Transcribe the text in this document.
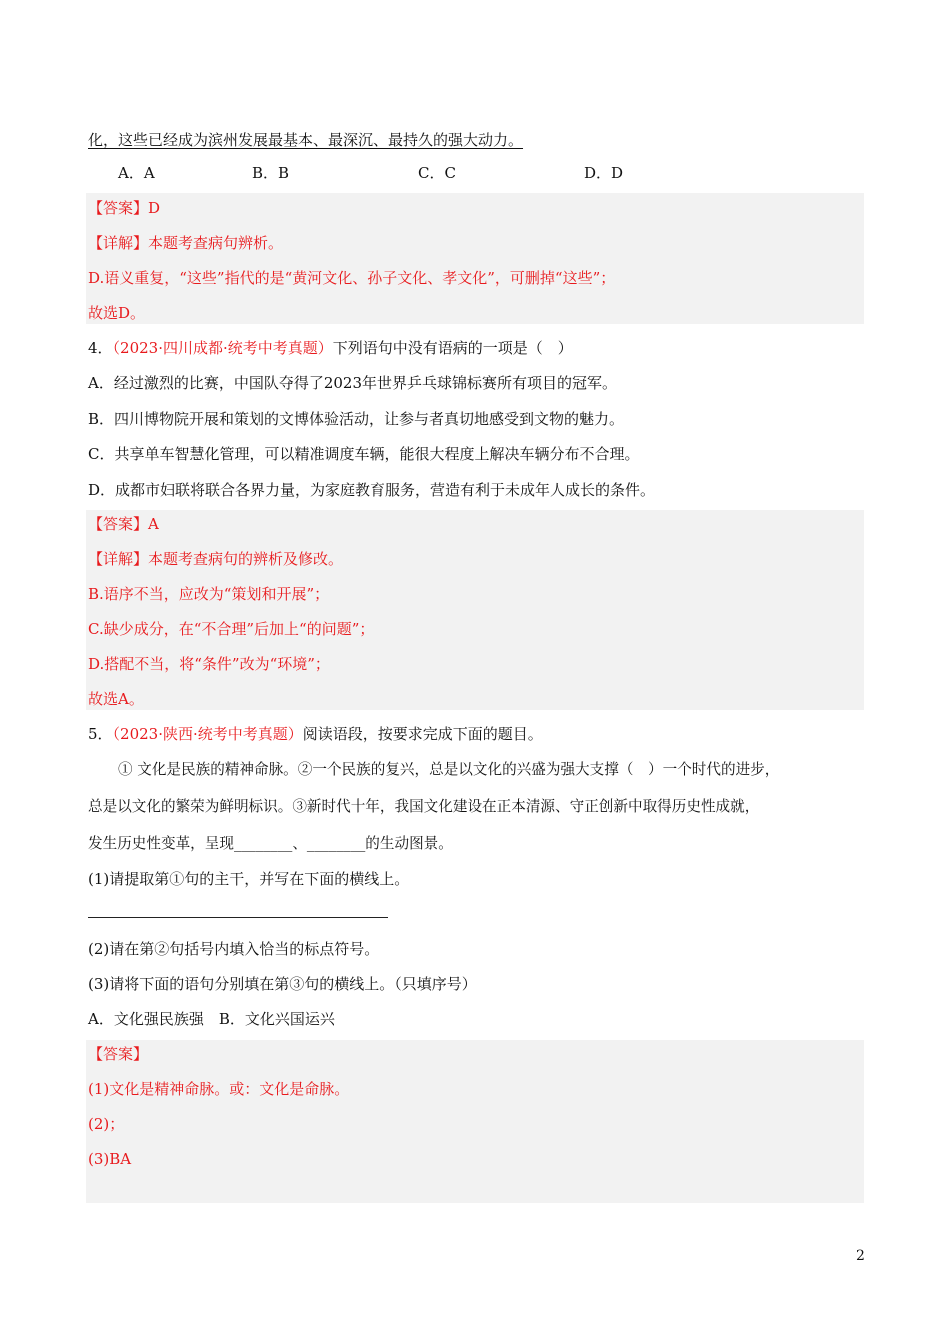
化，这些已经成为滨州发展最基本、最深沉、最持久的强大动力。
A．A	B．B	C．C	D．D
【答案】D
【详解】本题考查病句辨析。
D.语义重复，“这些”指代的是“黄河文化、孙子文化、孝文化”，可删掉“这些”；
故选D。
4．（2023·四川成都·统考中考真题）下列语句中没有语病的一项是（　）
A．经过激烈的比赛，中国队夺得了2023年世界乒乓球锦标赛所有项目的冠军。
B．四川博物院开展和策划的文博体验活动，让参与者真切地感受到文物的魅力。
C．共享单车智慧化管理，可以精准调度车辆，能很大程度上解决车辆分布不合理。
D．成都市妇联将联合各界力量，为家庭教育服务，营造有利于未成年人成长的条件。
【答案】A
【详解】本题考查病句的辨析及修改。
B.语序不当，应改为“策划和开展”；
C.缺少成分，在“不合理”后加上“的问题”；
D.搭配不当，将“条件”改为“环境”；
故选A。
5．（2023·陕西·统考中考真题）阅读语段，按要求完成下面的题目。
① 文化是民族的精神命脉。②一个民族的复兴，总是以文化的兴盛为强大支撑（　）一个时代的进步，
总是以文化的繁荣为鲜明标识。③新时代十年，我国文化建设在正本清源、守正创新中取得历史性成就，
发生历史性变革，呈现________、________的生动图景。
(1)请提取第①句的主干，并写在下面的横线上。
(2)请在第②句括号内填入恰当的标点符号。
(3)请将下面的语句分别填在第③句的横线上。（只填序号）
A．文化强民族强　B．文化兴国运兴
【答案】
(1)文化是精神命脉。或：文化是命脉。
(2)；
(3)BA
2
